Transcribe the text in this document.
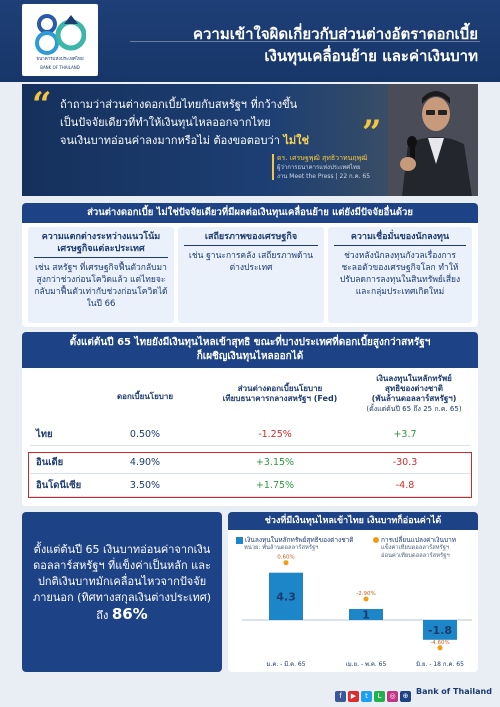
ธนาคารแห่งประเทศไทย
BANK OF THAILAND
ความเข้าใจผิดเกี่ยวกับส่วนต่างอัตราดอกเบี้ย
เงินทุนเคลื่อนย้าย และค่าเงินบาท
“ ถ้าถามว่าส่วนต่างดอกเบี้ยไทยกับสหรัฐฯ ที่กว้างขึ้น
เป็นปัจจัยเดียวที่ทำให้เงินทุนไหลออกจากไทย
จนเงินบาทอ่อนค่าลงมากหรือไม่ ต้องขอตอบว่า ไม่ใช่	”
ดร. เศรษฐพุฒิ สุทธิวาทนฤพุฒิ
ผู้ว่าการธนาคารแห่งประเทศไทย
งาน Meet the Press | 22 ก.ค. 65
ส่วนต่างดอกเบี้ย ไม่ใช่ปัจจัยเดียวที่มีผลต่อเงินทุนเคลื่อนย้าย แต่ยังมีปัจจัยอื่นด้วย
ความแตกต่างระหว่างแนวโน้ม
เศรษฐกิจแต่ละประเทศ
เช่น สหรัฐฯ ที่เศรษฐกิจฟื้นตัวกลับมาสูงกว่าช่วงก่อนโควิดแล้ว แต่ไทยจะกลับมาฟื้นตัวเท่ากับช่วงก่อนโควิดได้ในปี 66
เสถียรภาพของเศรษฐกิจ
เช่น ฐานะการคลัง เสถียรภาพด้านต่างประเทศ
ความเชื่อมั่นของนักลงทุน
ช่วงหลังนักลงทุนกังวลเรื่องการชะลอตัวของเศรษฐกิจโลก ทำให้ปรับลดการลงทุนในสินทรัพย์เสี่ยงและกลุ่มประเทศเกิดใหม่
ตั้งแต่ต้นปี 65 ไทยยังมีเงินทุนไหลเข้าสุทธิ ขณะที่บางประเทศที่ดอกเบี้ยสูงกว่าสหรัฐฯ
ก็เผชิญเงินทุนไหลออกได้
ดอกเบี้ยนโยบาย
ส่วนต่างดอกเบี้ยนโยบาย
เทียบธนาคารกลางสหรัฐฯ (Fed)
เงินลงทุนในหลักทรัพย์
สุทธิของต่างชาติ
(พันล้านดอลลาร์สหรัฐฯ)
(ตั้งแต่ต้นปี 65 ถึง 25 ก.ค. 65)
ไทย	0.50%	-1.25%	+3.7
อินเดีย	4.90%	+3.15%	-30.3
อินโดนีเซีย	3.50%	+1.75%	-4.8
ตั้งแต่ต้นปี 65 เงินบาทอ่อนค่าจากเงินดอลลาร์สหรัฐฯ ที่แข็งค่าเป็นหลัก และปกติเงินบาทมักเคลื่อนไหวจากปัจจัยภายนอก (ทิศทางสกุลเงินต่างประเทศ) ถึง 86%
ช่วงที่มีเงินทุนไหลเข้าไทย เงินบาทก็อ่อนค่าได้
เงินลงทุนในหลักทรัพย์สุทธิของต่างชาติ
หน่วย: พันล้านดอลลาร์สหรัฐฯ
การเปลี่ยนแปลงค่าเงินบาท
แข็งค่าเทียบดอลลาร์สหรัฐฯ
อ่อนค่าเทียบดอลลาร์สหรัฐฯ
4.3
0.60%
ม.ค. - มี.ค. 65
1
-2.90%
เม.ย. - พ.ค. 65
-1.8
-4.60%
มิ.ย. - 18 ก.ค. 65
f ▶ t L ◎ ⊕ Bank of Thailand
